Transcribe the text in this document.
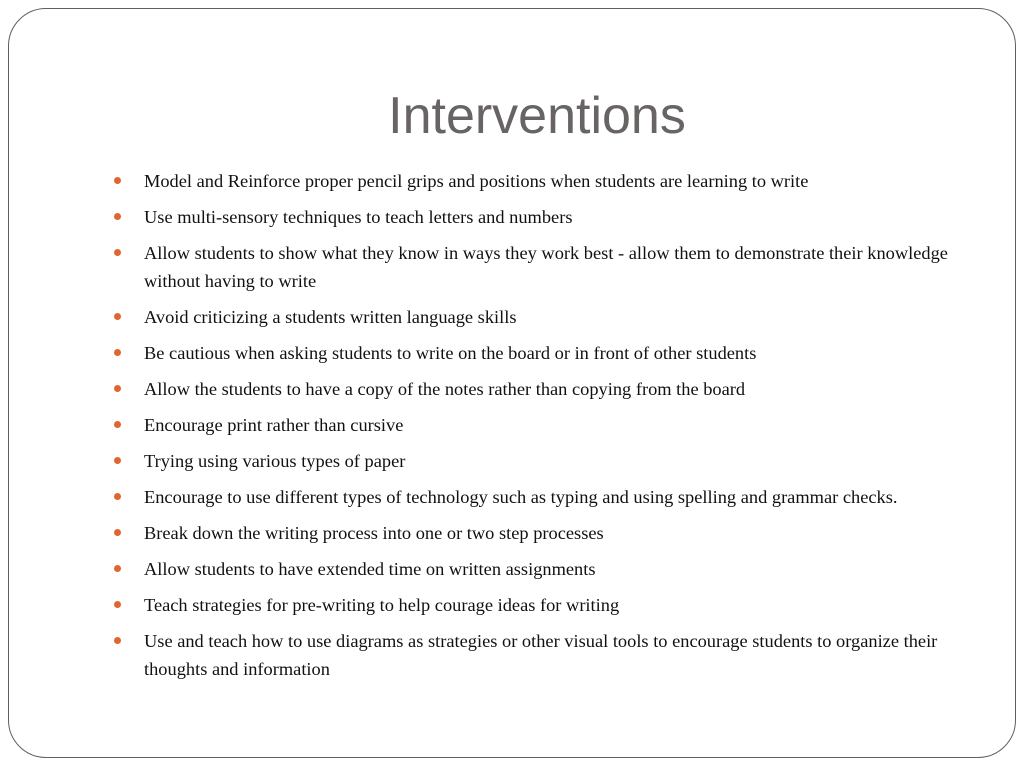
Interventions
Model and Reinforce proper pencil grips and positions when students are learning to write
Use multi-sensory techniques to teach letters and numbers
Allow students to show what they know in ways they work best - allow them to demonstrate their knowledge without having to write
Avoid criticizing a students written language skills
Be cautious when asking students to write on the board or in front of other students
Allow the students to have a copy of the notes rather than copying from the board
Encourage print rather than cursive
Trying using various types of paper
Encourage to use different types of technology such as typing and using spelling and grammar checks.
Break down the writing process into one or two step processes
Allow students to have extended time on written assignments
Teach strategies for pre-writing to help courage ideas for writing
Use and teach how to use diagrams as strategies or other visual tools to encourage students to organize their thoughts and information
